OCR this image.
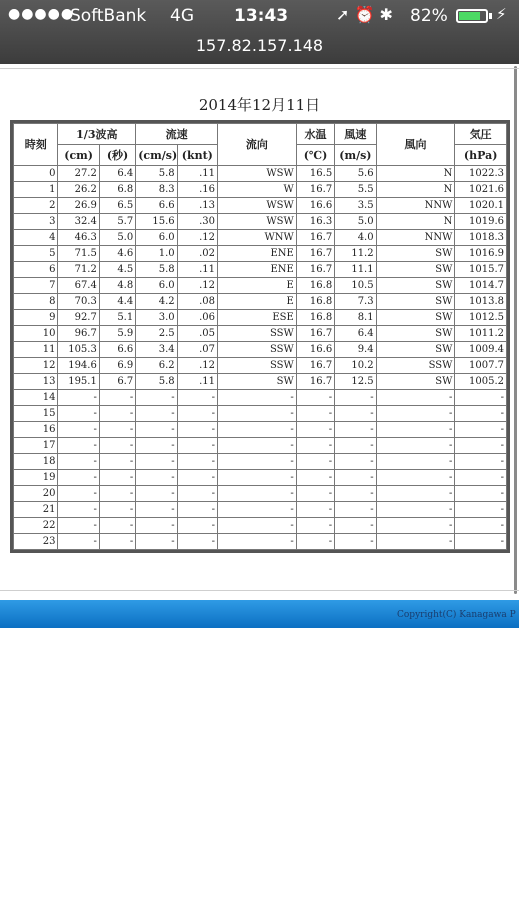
●●●●●
SoftBank 4G 13:43	➚ ⏰ ✱ 82%	⚡
157.82.157.148
2014年12月11日
時刻	1/3波高		流速		流向	水温	風速	風向	気圧
	(cm)	(秒)	(cm/s)	(knt)		(℃)	(m/s)		(hPa)
0	27.2	6.4	5.8	.11	WSW	16.5	5.6	N	1022.3
1	26.2	6.8	8.3	.16	W	16.7	5.5	N	1021.6
2	26.9	6.5	6.6	.13	WSW	16.6	3.5	NNW	1020.1
3	32.4	5.7	15.6	.30	WSW	16.3	5.0	N	1019.6
4	46.3	5.0	6.0	.12	WNW	16.7	4.0	NNW	1018.3
5	71.5	4.6	1.0	.02	ENE	16.7	11.2	SW	1016.9
6	71.2	4.5	5.8	.11	ENE	16.7	11.1	SW	1015.7
7	67.4	4.8	6.0	.12	E	16.8	10.5	SW	1014.7
8	70.3	4.4	4.2	.08	E	16.8	7.3	SW	1013.8
9	92.7	5.1	3.0	.06	ESE	16.8	8.1	SW	1012.5
10	96.7	5.9	2.5	.05	SSW	16.7	6.4	SW	1011.2
11	105.3	6.6	3.4	.07	SSW	16.6	9.4	SW	1009.4
12	194.6	6.9	6.2	.12	SSW	16.7	10.2	SSW	1007.7
13	195.1	6.7	5.8	.11	SW	16.7	12.5	SW	1005.2
14	-	-	-	-	-	-	-	-	-
15	-	-	-	-	-	-	-	-	-
16	-	-	-	-	-	-	-	-	-
17	-	-	-	-	-	-	-	-	-
18	-	-	-	-	-	-	-	-	-
19	-	-	-	-	-	-	-	-	-
20	-	-	-	-	-	-	-	-	-
21	-	-	-	-	-	-	-	-	-
22	-	-	-	-	-	-	-	-	-
23	-	-	-	-	-	-	-	-	-
Copyright(C) Kanagawa P
